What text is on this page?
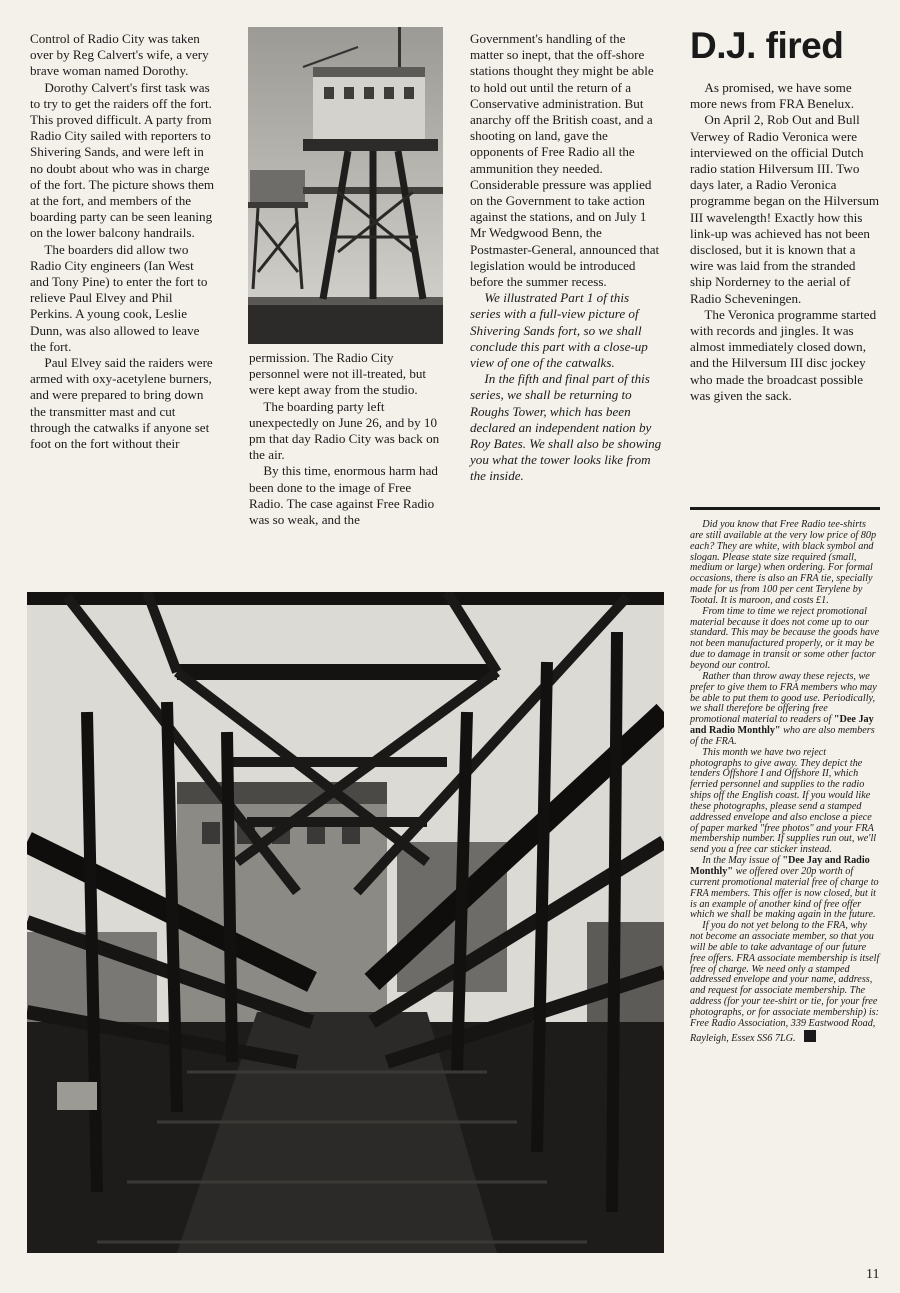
Control of Radio City was taken over by Reg Calvert's wife, a very brave woman named Dorothy.

Dorothy Calvert's first task was to try to get the raiders off the fort. This proved difficult. A party from Radio City sailed with reporters to Shivering Sands, and were left in no doubt about who was in charge of the fort. The picture shows them at the fort, and members of the boarding party can be seen leaning on the lower balcony handrails.

The boarders did allow two Radio City engineers (Ian West and Tony Pine) to enter the fort to relieve Paul Elvey and Phil Perkins. A young cook, Leslie Dunn, was also allowed to leave the fort.

Paul Elvey said the raiders were armed with oxy-acetylene burners, and were prepared to bring down the transmitter mast and cut through the catwalks if anyone set foot on the fort without their

permission. The Radio City personnel were not ill-treated, but were kept away from the studio.

The boarding party left unexpectedly on June 26, and by 10 pm that day Radio City was back on the air.

By this time, enormous harm had been done to the image of Free Radio. The case against Free Radio was so weak, and the

Government's handling of the matter so inept, that the off-shore stations thought they might be able to hold out until the return of a Conservative administration. But anarchy off the British coast, and a shooting on land, gave the opponents of Free Radio all the ammunition they needed. Considerable pressure was applied on the Government to take action against the stations, and on July 1 Mr Wedgwood Benn, the Postmaster-General, announced that legislation would be introduced before the summer recess.

We illustrated Part 1 of this series with a full-view picture of Shivering Sands fort, so we shall conclude this part with a close-up view of one of the catwalks.

In the fifth and final part of this series, we shall be returning to Roughs Tower, which has been declared an independent nation by Roy Bates. We shall also be showing you what the tower looks like from the inside.

D.J. fired

As promised, we have some more news from FRA Benelux.

On April 2, Rob Out and Bull Verwey of Radio Veronica were interviewed on the official Dutch radio station Hilversum III. Two days later, a Radio Veronica programme began on the Hilversum III wavelength! Exactly how this link-up was achieved has not been disclosed, but it is known that a wire was laid from the stranded ship Norderney to the aerial of Radio Scheveningen.

The Veronica programme started with records and jingles. It was almost immediately closed down, and the Hilversum III disc jockey who made the broadcast possible was given the sack.

Did you know that Free Radio tee-shirts are still available at the very low price of 80p each? They are white, with black symbol and slogan. Please state size required (small, medium or large) when ordering. For formal occasions, there is also an FRA tie, specially made for us from 100 per cent Terylene by Tootal. It is maroon, and costs £1.

From time to time we reject promotional material because it does not come up to our standard. This may be because the goods have not been manufactured properly, or it may be due to damage in transit or some other factor beyond our control.

Rather than throw away these rejects, we prefer to give them to FRA members who may be able to put them to good use. Periodically, we shall therefore be offering free promotional material to readers of "Dee Jay and Radio Monthly" who are also members of the FRA.

This month we have two reject photographs to give away. They depict the tenders Offshore I and Offshore II, which ferried personnel and supplies to the radio ships off the English coast. If you would like these photographs, please send a stamped addressed envelope and also enclose a piece of paper marked "free photos" and your FRA membership number. If supplies run out, we'll send you a free car sticker instead.

In the May issue of "Dee Jay and Radio Monthly" we offered over 20p worth of current promotional material free of charge to FRA members. This offer is now closed, but it is an example of another kind of free offer which we shall be making again in the future.

If you do not yet belong to the FRA, why not become an associate member, so that you will be able to take advantage of our future free offers. FRA associate membership is itself free of charge. We need only a stamped addressed envelope and your name, address, and request for associate membership. The address (for your tee-shirt or tie, for your free photographs, or for associate membership) is: Free Radio Association, 339 Eastwood Road, Rayleigh, Essex SS6 7LG.

11
